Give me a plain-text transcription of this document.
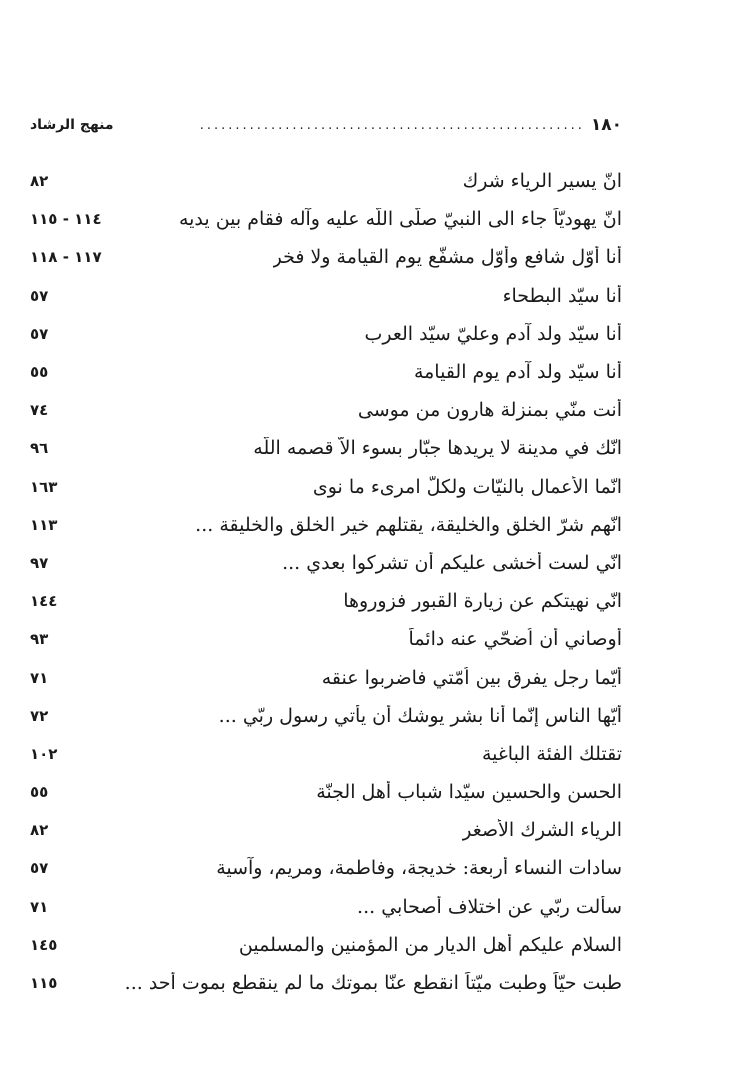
١٨٠
......................................................
منهج الرشاد
انّ يسير الرياء شرك
٨٢
انّ يهوديّاً جاء الى النبيّ صلّى اللّه عليه وآله فقام بين يديه
١١٤ - ١١٥
أنا أوّل شافع وأوّل مشفّع يوم القيامة ولا فخر
١١٧ - ١١٨
أنا سيّد البطحاء
٥٧
أنا سيّد ولد آدم وعليّ سيّد العرب
٥٧
أنا سيّد ولد آدم يوم القيامة
٥٥
أنت منّي بمنزلة هارون من موسى
٧٤
انّك في مدينة لا يريدها جبّار بسوء الاّ قصمه اللّه
٩٦
انّما الأعمال بالنيّات ولكلّ امرىء ما نوى
١٦٣
انّهم شرّ الخلق والخليقة، يقتلهم خير الخلق والخليقة ...
١١٣
انّي لست أخشى عليكم أن تشركوا بعدي ...
٩٧
انّي نهيتكم عن زيارة القبور فزوروها
١٤٤
أوصاني أن اُضحّي عنه دائماً
٩٣
أيّما رجل يفرق بين اُمّتي فاضربوا عنقه
٧١
أيّها الناس إنّما أنا بشر يوشك أن يأتي رسول ربّي ...
٧٢
تقتلك الفئة الباغية
١٠٢
الحسن والحسين سيّدا شباب أهل الجنّة
٥٥
الرياء الشرك الأصغر
٨٢
سادات النساء أربعة: خديجة، وفاطمة، ومريم، وآسية
٥٧
سألت ربّي عن اختلاف أصحابي ...
٧١
السلام عليكم أهل الديار من المؤمنين والمسلمين
١٤٥
طبت حيّاً وطبت ميّتاً انقطع عنّا بموتك ما لم ينقطع بموت أحد ...
١١٥
